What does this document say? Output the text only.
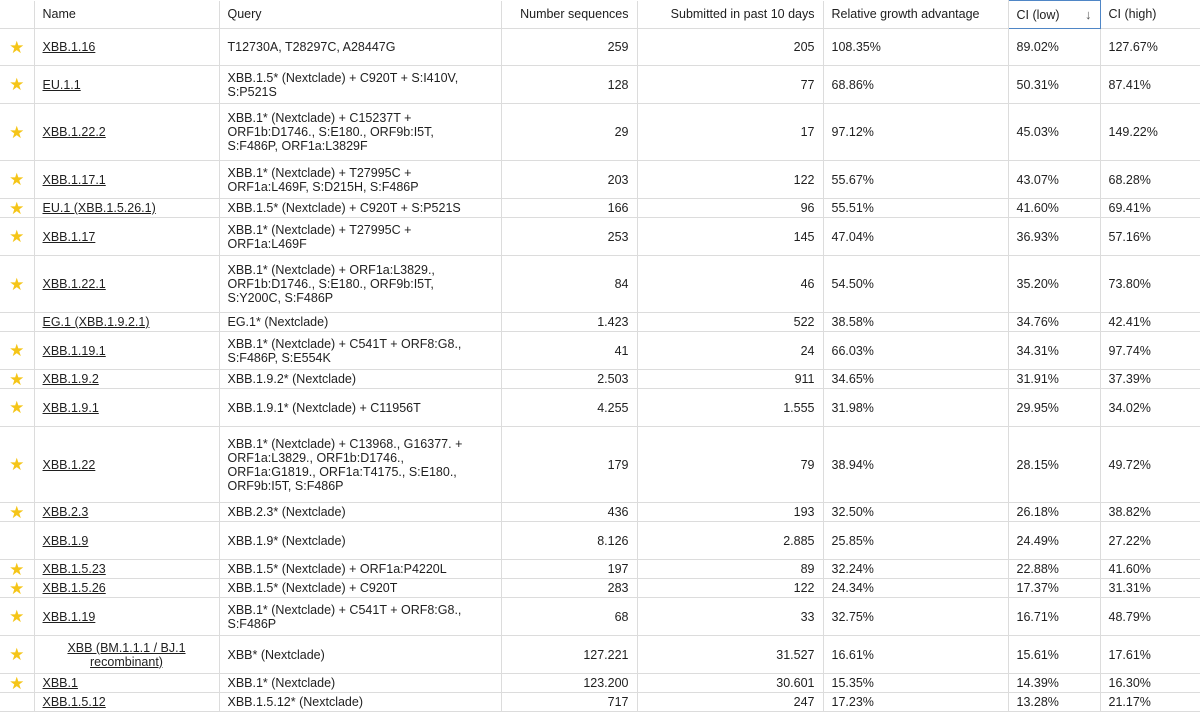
	Name	Query	Number sequences	Submitted in past 10 days	Relative growth advantage	CI (low) ↓	CI (high)
★	XBB.1.16	T12730A, T28297C, A28447G	259	205	108.35%	89.02%	127.67%
★	EU.1.1	XBB.1.5* (Nextclade) + C920T + S:I410V,
S:P521S	128	77	68.86%	50.31%	87.41%
★	XBB.1.22.2	XBB.1* (Nextclade) + C15237T +
ORF1b:D1746., S:E180., ORF9b:I5T,
S:F486P, ORF1a:L3829F	29	17	97.12%	45.03%	149.22%
★	XBB.1.17.1	XBB.1* (Nextclade) + T27995C +
ORF1a:L469F, S:D215H, S:F486P	203	122	55.67%	43.07%	68.28%
★	EU.1 (XBB.1.5.26.1)	XBB.1.5* (Nextclade) + C920T + S:P521S	166	96	55.51%	41.60%	69.41%
★	XBB.1.17	XBB.1* (Nextclade) + T27995C +
ORF1a:L469F	253	145	47.04%	36.93%	57.16%
★	XBB.1.22.1	XBB.1* (Nextclade) + ORF1a:L3829.,
ORF1b:D1746., S:E180., ORF9b:I5T,
S:Y200C, S:F486P	84	46	54.50%	35.20%	73.80%
	EG.1 (XBB.1.9.2.1)	EG.1* (Nextclade)	1.423	522	38.58%	34.76%	42.41%
★	XBB.1.19.1	XBB.1* (Nextclade) + C541T + ORF8:G8.,
S:F486P, S:E554K	41	24	66.03%	34.31%	97.74%
★	XBB.1.9.2	XBB.1.9.2* (Nextclade)	2.503	911	34.65%	31.91%	37.39%
★	XBB.1.9.1	XBB.1.9.1* (Nextclade) + C11956T	4.255	1.555	31.98%	29.95%	34.02%
★	XBB.1.22	XBB.1* (Nextclade) + C13968., G16377. +
ORF1a:L3829., ORF1b:D1746.,
ORF1a:G1819., ORF1a:T4175., S:E180.,
ORF9b:I5T, S:F486P	179	79	38.94%	28.15%	49.72%
★	XBB.2.3	XBB.2.3* (Nextclade)	436	193	32.50%	26.18%	38.82%
	XBB.1.9	XBB.1.9* (Nextclade)	8.126	2.885	25.85%	24.49%	27.22%
★	XBB.1.5.23	XBB.1.5* (Nextclade) + ORF1a:P4220L	197	89	32.24%	22.88%	41.60%
★	XBB.1.5.26	XBB.1.5* (Nextclade) + C920T	283	122	24.34%	17.37%	31.31%
★	XBB.1.19	XBB.1* (Nextclade) + C541T + ORF8:G8.,
S:F486P	68	33	32.75%	16.71%	48.79%
★	XBB (BM.1.1.1 / BJ.1
recombinant)	XBB* (Nextclade)	127.221	31.527	16.61%	15.61%	17.61%
★	XBB.1	XBB.1* (Nextclade)	123.200	30.601	15.35%	14.39%	16.30%
	XBB.1.5.12	XBB.1.5.12* (Nextclade)	717	247	17.23%	13.28%	21.17%
